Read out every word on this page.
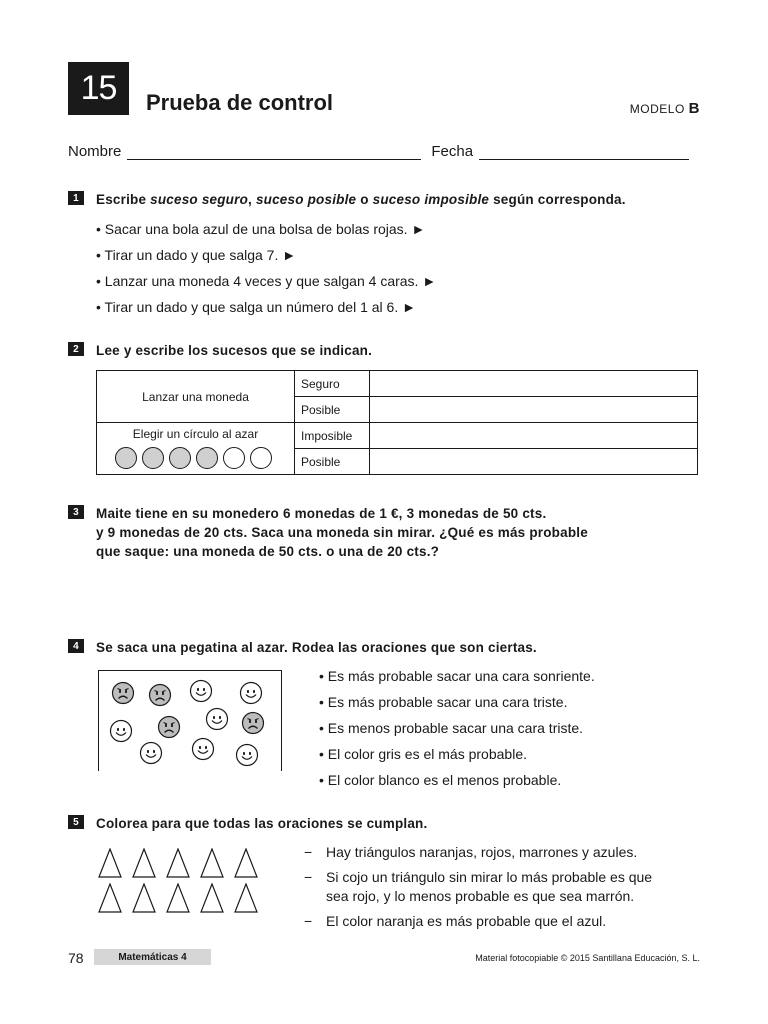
15	Prueba de control	MODELO B
Nombre	Fecha
1	Escribe suceso seguro, suceso posible o suceso imposible según corresponda.
• Sacar una bola azul de una bolsa de bolas rojas. ►
• Tirar un dado y que salga 7. ►
• Lanzar una moneda 4 veces y que salgan 4 caras. ►
• Tirar un dado y que salga un número del 1 al 6. ►
2	Lee y escribe los sucesos que se indican.
Lanzar una moneda	Seguro	
	Posible	

Elegir un círculo al azar	Imposible	
	Posible	
3	Maite tiene en su monedero 6 monedas de 1 €, 3 monedas de 50 cts.
y 9 monedas de 20 cts. Saca una moneda sin mirar. ¿Qué es más probable
que saque: una moneda de 50 cts. o una de 20 cts.?
4	Se saca una pegatina al azar. Rodea las oraciones que son ciertas.
• Es más probable sacar una cara sonriente.
• Es más probable sacar una cara triste.
• Es menos probable sacar una cara triste.
• El color gris es el más probable.
• El color blanco es el menos probable.
5	Colorea para que todas las oraciones se cumplan.
− Hay triángulos naranjas, rojos, marrones y azules.
− Si cojo un triángulo sin mirar lo más probable es que sea rojo, y lo menos probable es que sea marrón.
− El color naranja es más probable que el azul.
78	Matemáticas 4	Material fotocopiable © 2015 Santillana Educación, S. L.
